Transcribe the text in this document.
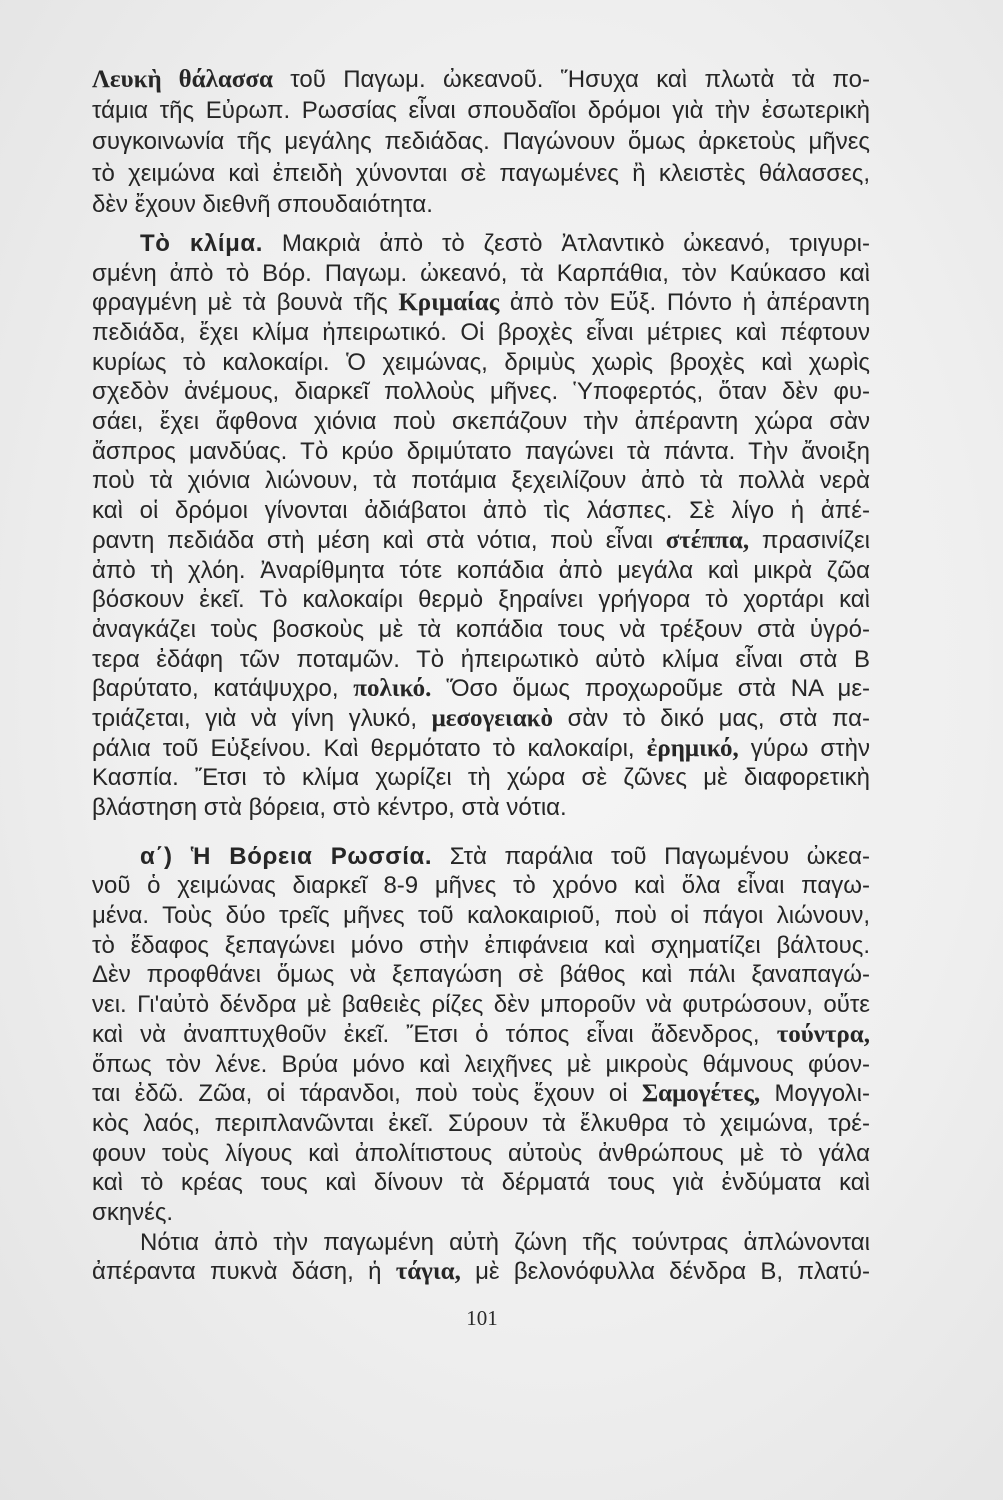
Λευκὴ θάλασσα τοῦ Παγωμ. ὠκεανοῦ. Ἥσυχα καὶ πλωτὰ τὰ πο-
τάμια τῆς Εὐρωπ. Ρωσσίας εἶναι σπουδαῖοι δρόμοι γιὰ τὴν ἐσωτερικὴ
συγκοινωνία τῆς μεγάλης πεδιάδας. Παγώνουν ὅμως ἀρκετοὺς μῆνες
τὸ χειμώνα καὶ ἐπειδὴ χύνονται σὲ παγωμένες ἢ κλειστὲς θάλασσες,
δὲν ἔχουν διεθνῆ σπουδαιότητα.
Τὸ κλίμα. Μακριὰ ἀπὸ τὸ ζεστὸ Ἀτλαντικὸ ὠκεανό, τριγυρι-
σμένη ἀπὸ τὸ Βόρ. Παγωμ. ὠκεανό, τὰ Καρπάθια, τὸν Καύκασο καὶ
φραγμένη μὲ τὰ βουνὰ τῆς Κριμαίας ἀπὸ τὸν Εὔξ. Πόντο ἡ ἀπέραντη
πεδιάδα, ἔχει κλίμα ἠπειρωτικό. Οἱ βροχὲς εἶναι μέτριες καὶ πέφτουν
κυρίως τὸ καλοκαίρι. Ὁ χειμώνας, δριμὺς χωρὶς βροχὲς καὶ χωρὶς
σχεδὸν ἀνέμους, διαρκεῖ πολλοὺς μῆνες. Ὑποφερτός, ὅταν δὲν φυ-
σάει, ἔχει ἄφθονα χιόνια ποὺ σκεπάζουν τὴν ἀπέραντη χώρα σὰν
ἄσπρος μανδύας. Τὸ κρύο δριμύτατο παγώνει τὰ πάντα. Τὴν ἄνοιξη
ποὺ τὰ χιόνια λιώνουν, τὰ ποτάμια ξεχειλίζουν ἀπὸ τὰ πολλὰ νερὰ
καὶ οἱ δρόμοι γίνονται ἀδιάβατοι ἀπὸ τὶς λάσπες. Σὲ λίγο ἡ ἀπέ-
ραντη πεδιάδα στὴ μέση καὶ στὰ νότια, ποὺ εἶναι στέππα, πρασινίζει
ἀπὸ τὴ χλόη. Ἀναρίθμητα τότε κοπάδια ἀπὸ μεγάλα καὶ μικρὰ ζῶα
βόσκουν ἐκεῖ. Τὸ καλοκαίρι θερμὸ ξηραίνει γρήγορα τὸ χορτάρι καὶ
ἀναγκάζει τοὺς βοσκοὺς μὲ τὰ κοπάδια τους νὰ τρέξουν στὰ ὑγρό-
τερα ἐδάφη τῶν ποταμῶν. Τὸ ἠπειρωτικὸ αὐτὸ κλίμα εἶναι στὰ Β
βαρύτατο, κατάψυχρο, πολικό. Ὅσο ὅμως προχωροῦμε στὰ ΝΑ με-
τριάζεται, γιὰ νὰ γίνη γλυκό, μεσογειακὸ σὰν τὸ δικό μας, στὰ πα-
ράλια τοῦ Εὐξείνου. Καὶ θερμότατο τὸ καλοκαίρι, ἐρημικό, γύρω στὴν
Κασπία. Ἔτσι τὸ κλίμα χωρίζει τὴ χώρα σὲ ζῶνες μὲ διαφορετικὴ
βλάστηση στὰ βόρεια, στὸ κέντρο, στὰ νότια.
α΄) Ἡ Βόρεια Ρωσσία. Στὰ παράλια τοῦ Παγωμένου ὠκεα-
νοῦ ὁ χειμώνας διαρκεῖ 8-9 μῆνες τὸ χρόνο καὶ ὅλα εἶναι παγω-
μένα. Τοὺς δύο τρεῖς μῆνες τοῦ καλοκαιριοῦ, ποὺ οἱ πάγοι λιώνουν,
τὸ ἔδαφος ξεπαγώνει μόνο στὴν ἐπιφάνεια καὶ σχηματίζει βάλτους.
Δὲν προφθάνει ὅμως νὰ ξεπαγώση σὲ βάθος καὶ πάλι ξαναπαγώ-
νει. Γι'αὐτὸ δένδρα μὲ βαθειὲς ρίζες δὲν μποροῦν νὰ φυτρώσουν, οὔτε
καὶ νὰ ἀναπτυχθοῦν ἐκεῖ. Ἔτσι ὁ τόπος εἶναι ἄδενδρος, τούντρα,
ὅπως τὸν λένε. Βρύα μόνο καὶ λειχῆνες μὲ μικροὺς θάμνους φύον-
ται ἐδῶ. Ζῶα, οἱ τάρανδοι, ποὺ τοὺς ἔχουν οἱ Σαμογέτες, Μογγολι-
κὸς λαός, περιπλανῶνται ἐκεῖ. Σύρουν τὰ ἔλκυθρα τὸ χειμώνα, τρέ-
φουν τοὺς λίγους καὶ ἀπολίτιστους αὐτοὺς ἀνθρώπους μὲ τὸ γάλα
καὶ τὸ κρέας τους καὶ δίνουν τὰ δέρματά τους γιὰ ἐνδύματα καὶ
σκηνές.
Νότια ἀπὸ τὴν παγωμένη αὐτὴ ζώνη τῆς τούντρας ἁπλώνονται
ἀπέραντα πυκνὰ δάση, ἡ τάγια, μὲ βελονόφυλλα δένδρα Β, πλατύ-
101
